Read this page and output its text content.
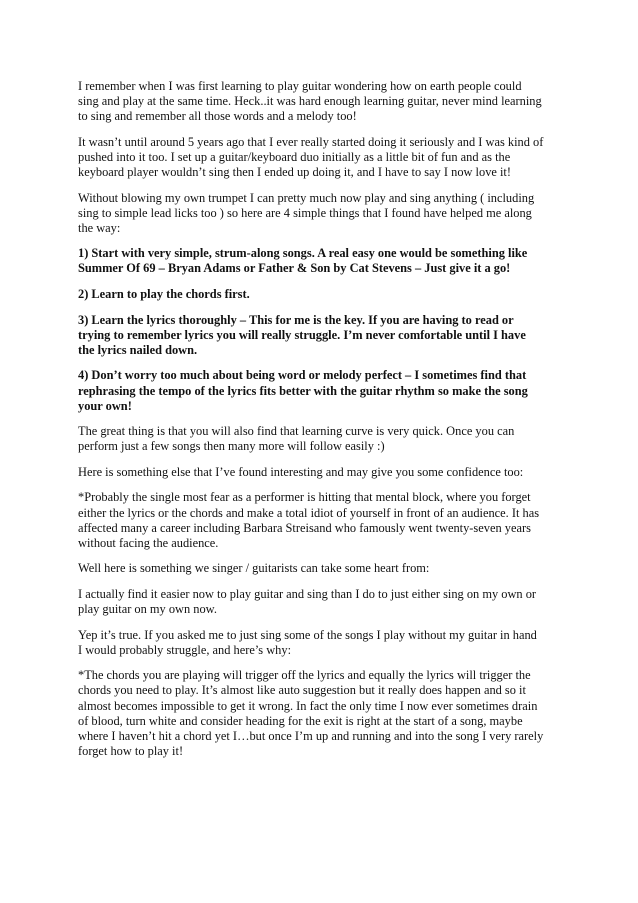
I remember when I was first learning to play guitar wondering how on earth people could
sing and play at the same time. Heck..it was hard enough learning guitar, never mind learning
to sing and remember all those words and a melody too!

It wasn’t until around 5 years ago that I ever really started doing it seriously and I was kind of
pushed into it too. I set up a guitar/keyboard duo initially as a little bit of fun and as the
keyboard player wouldn’t sing then I ended up doing it, and I have to say I now love it!

Without blowing my own trumpet I can pretty much now play and sing anything ( including
sing to simple lead licks too ) so here are 4 simple things that I found have helped me along
the way:

1) Start with very simple, strum-along songs. A real easy one would be something like
Summer Of 69 – Bryan Adams or Father & Son by Cat Stevens – Just give it a go!

2) Learn to play the chords first.

3) Learn the lyrics thoroughly – This for me is the key. If you are having to read or
trying to remember lyrics you will really struggle. I’m never comfortable until I have
the lyrics nailed down.

4) Don’t worry too much about being word or melody perfect – I sometimes find that
rephrasing the tempo of the lyrics fits better with the guitar rhythm so make the song
your own!

The great thing is that you will also find that learning curve is very quick. Once you can
perform just a few songs then many more will follow easily :)

Here is something else that I’ve found interesting and may give you some confidence too:

*Probably the single most fear as a performer is hitting that mental block, where you forget
either the lyrics or the chords and make a total idiot of yourself in front of an audience. It has
affected many a career including Barbara Streisand who famously went twenty-seven years
without facing the audience.

Well here is something we singer / guitarists can take some heart from:

I actually find it easier now to play guitar and sing than I do to just either sing on my own or
play guitar on my own now.

Yep it’s true. If you asked me to just sing some of the songs I play without my guitar in hand
I would probably struggle, and here’s why:

*The chords you are playing will trigger off the lyrics and equally the lyrics will trigger the
chords you need to play. It’s almost like auto suggestion but it really does happen and so it
almost becomes impossible to get it wrong. In fact the only time I now ever sometimes drain
of blood, turn white and consider heading for the exit is right at the start of a song, maybe
where I haven’t hit a chord yet I…but once I’m up and running and into the song I very rarely
forget how to play it!
